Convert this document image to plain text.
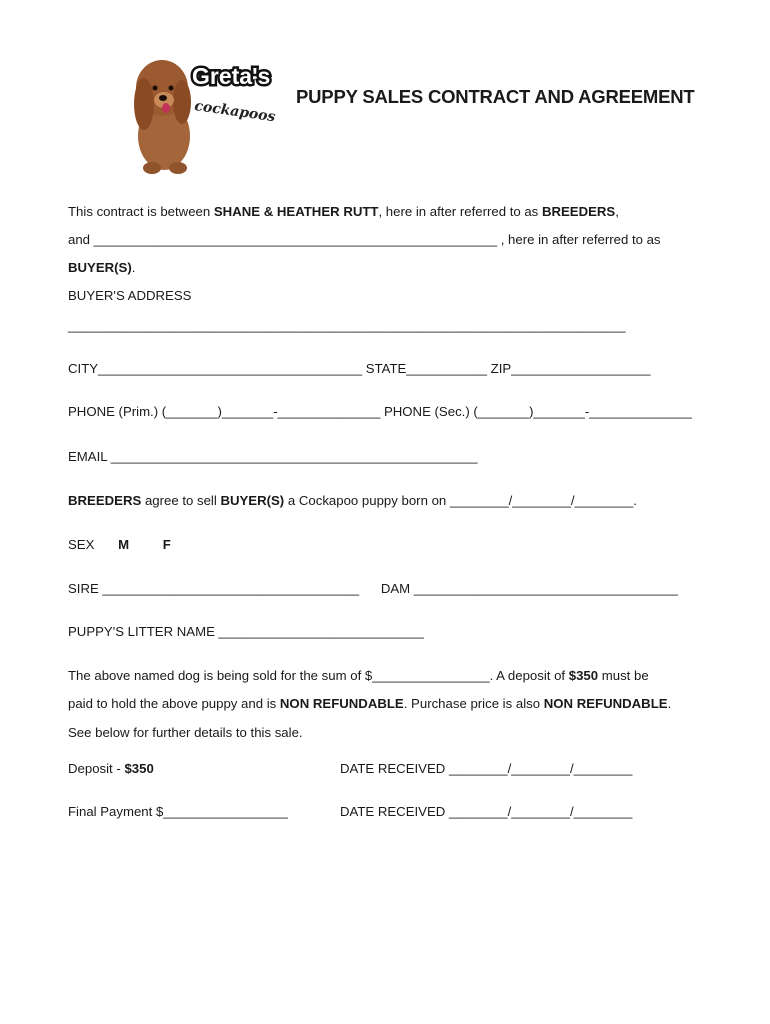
Greta's
cockapoos
PUPPY SALES CONTRACT AND AGREEMENT
This contract is between SHANE & HEATHER RUTT, here in after referred to as BREEDERS,
and _______________________________________________________ , here in after referred to as
BUYER(S).
BUYER'S ADDRESS
____________________________________________________________________________
CITY____________________________________ STATE___________ ZIP___________________
PHONE (Prim.) (_______)_______-______________ PHONE (Sec.) (_______)_______-______________
EMAIL __________________________________________________
BREEDERS agree to sell BUYER(S) a Cockapoo puppy born on ________/________/________.
SEX M	F
SIRE ___________________________________ DAM ____________________________________
PUPPY'S LITTER NAME ____________________________
The above named dog is being sold for the sum of $________________. A deposit of $350 must be
paid to hold the above puppy and is NON REFUNDABLE. Purchase price is also NON REFUNDABLE.
See below for further details to this sale.
Deposit - $350	DATE RECEIVED ________/________/________
Final Payment $_________________	DATE RECEIVED ________/________/________
